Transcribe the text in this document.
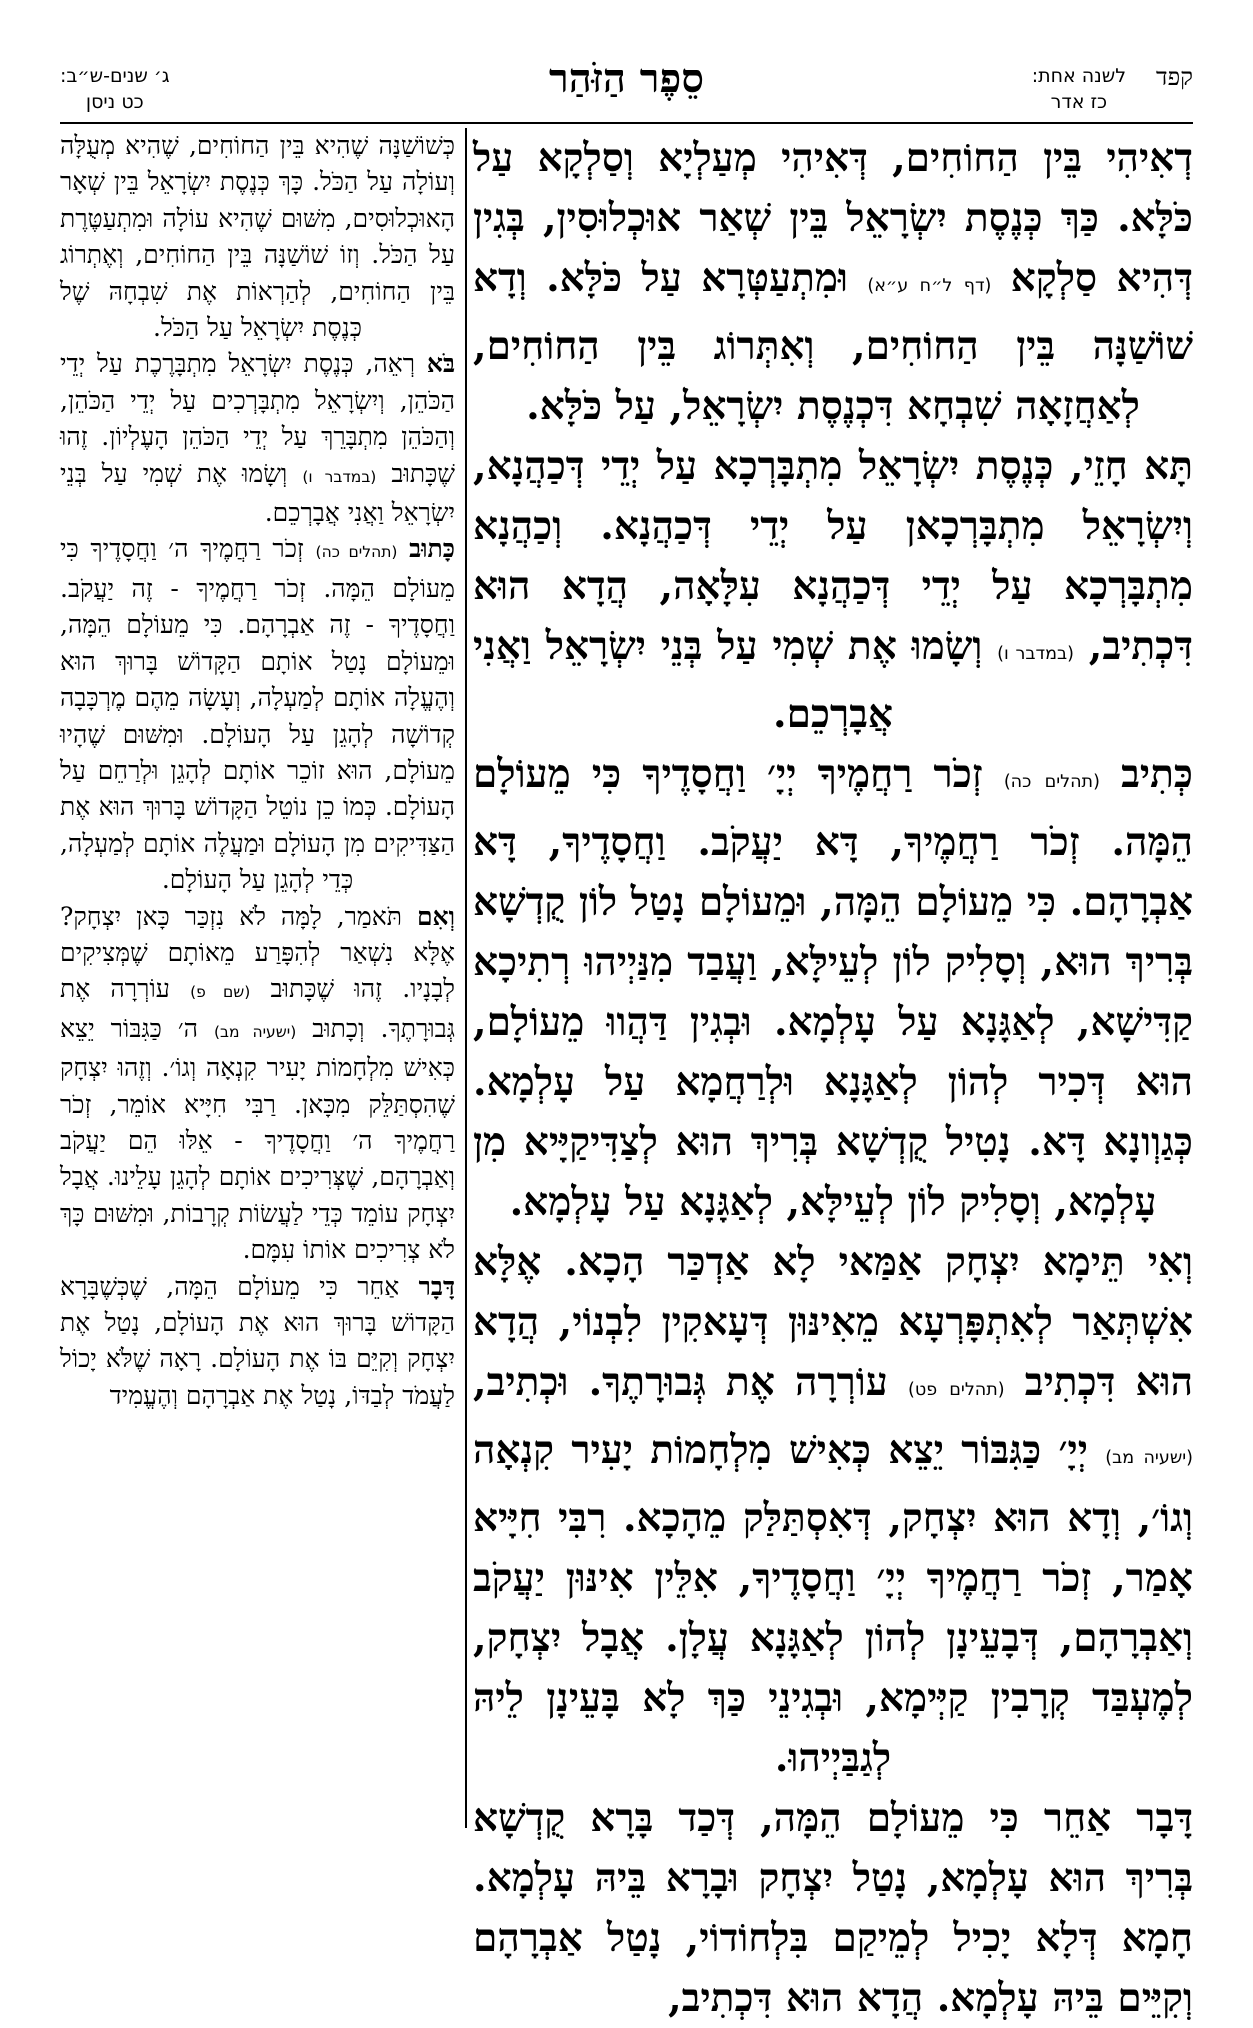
קפד
לשנה אחת:
כז אדר
סֵפֶר הַזֹּהַר
ג׳ שנים-ש״ב:
כט ניסן

דְאִיהִי בֵּין הַחוֹחִים, דְּאִיהִי מְעַלְיָא וְסַלְקָא עַל כֹּלָּא. כַּךְ כְּנֶסֶת יִשְׂרָאֵל בֵּין שְׁאַר אוּכְלוּסִין, בְּגִין דְּהִיא סַלְקָא (דף ל״ח ע״א) וּמִתְעַטְּרָא עַל כֹּלָּא. וְדָא שׁוֹשַׁנָּה בֵּין הַחוֹחִים, וְאִתְּרוֹג בֵּין הַחוֹחִים, לְאַחֲזָאָה שִׁבְחָא דִּכְנֶסֶת יִשְׂרָאֵל, עַל כֹּלָּא.

תָּא חָזֵי, כְּנֶסֶת יִשְׂרָאֵל מִתְבָּרְכָא עַל יְדֵי דְּכַהֲנָא, וְיִשְׂרָאֵל מִתְבָּרְכָאן עַל יְדֵי דְּכַהֲנָא. וְכַהֲנָא מִתְבָּרְכָא עַל יְדֵי דְּכַהֲנָא עִלָּאָה, הֲדָא הוּא דִּכְתִיב, (במדבר ו) וְשָׂמוּ אֶת שְׁמִי עַל בְּנֵי יִשְׂרָאֵל וַאֲנִי אֲבָרְכֵם.

כְּתִיב (תהלים כה) זְכֹר רַחֲמֶיךָ יְיָ׳ וַחֲסָדֶיךָ כִּי מֵעוֹלָם הֵמָּה. זְכֹר רַחֲמֶיךָ, דָּא יַעֲקֹב. וַחֲסָדֶיךָ, דָּא אַבְרָהָם. כִּי מֵעוֹלָם הֵמָּה, וּמֵעוֹלָם נָטַל לוֹן קֻדְשָׁא בְּרִיךְ הוּא, וְסָלִיק לוֹן לְעֵילָּא, וַעֲבַד מִנַּיְיהוּ רְתִיכָא קַדִּישָׁא, לְאַגָּנָא עַל עָלְמָא. וּבְגִין דַּהֲווּ מֵעוֹלָם, הוּא דְּכִיר לְהוֹן לְאַגָּנָא וּלְרַחֲמָא עַל עָלְמָא. כְּגַוְונָא דָּא. נָטִיל קֻדְשָׁא בְּרִיךְ הוּא לְצַדִּיקַיָּיא מִן עָלְמָא, וְסָלִיק לוֹן לְעֵילָּא, לְאַגָּנָא עַל עָלְמָא.

וְאִי תֵּימָא יִצְחָק אַמַּאי לָא אַדְכַּר הָכָא. אֶלָּא אִשְׁתְּאַר לְאִתְפָּרְעָא מֵאִינּוּן דְּעָאקִין לִבְנוֹי, הֲדָא הוּא דִּכְתִיב (תהלים פט) עוֹרְרָה אֶת גְּבוּרָתֶךָ. וּכְתִיב, (ישעיה מב) יְיָ׳ כַּגִּבּוֹר יֵצֵא כְּאִישׁ מִלְחָמוֹת יָעִיר קִנְאָה וְגוֹ׳, וְדָא הוּא יִצְחָק, דְּאִסְתַּלַּק מֵהָכָא. רִבִּי חִיָּיא אָמַר, זְכֹר רַחֲמֶיךָ יְיָ׳ וַחֲסָדֶיךָ, אִלֵּין אִינּוּן יַעֲקֹב וְאַבְרָהָם, דְּבָעֵינָן לְהוֹן לְאַגָּנָא עֲלָן. אֲבָל יִצְחָק, לְמֶעְבַּד קְרָבִין קַיְּימָא, וּבְגִינֵי כַּךְ לָא בָּעֵינָן לֵיהּ לְגַבַּיְיהוּ.

דָּבָר אַחֵר כִּי מֵעוֹלָם הֵמָּה, דְּכַד בָּרָא קֻדְשָׁא בְּרִיךְ הוּא עָלְמָא, נָטַל יִצְחָק וּבָרָא בֵּיהּ עָלְמָא. חָמָא דְּלָא יָכִיל לְמֵיקַם בִּלְחוֹדוֹי, נָטַל אַבְרָהָם וְקִיֵּים בֵּיהּ עָלְמָא. הֲדָא הוּא דִּכְתִיב,

כְּשׁוֹשַׁנָּה שֶׁהִיא בֵּין הַחוֹחִים, שֶׁהִיא מְעֻלָּה וְעוֹלָה עַל הַכֹּל. כָּךְ כְּנֶסֶת יִשְׂרָאֵל בֵּין שְׁאָר הָאוּכְלוּסִים, מִשּׁוּם שֶׁהִיא עוֹלָה וּמִתְעַטֶּרֶת עַל הַכֹּל. וְזוֹ שׁוֹשַׁנָּה בֵּין הַחוֹחִים, וְאֶתְרוֹג בֵּין הַחוֹחִים, לְהַרְאוֹת אֶת שִׁבְחָהּ שֶׁל כְּנֶסֶת יִשְׂרָאֵל עַל הַכֹּל.

בֹּא רְאֵה, כְּנֶסֶת יִשְׂרָאֵל מִתְבָּרֶכֶת עַל יְדֵי הַכֹּהֵן, וְיִשְׂרָאֵל מִתְבָּרְכִים עַל יְדֵי הַכֹּהֵן, וְהַכֹּהֵן מִתְבָּרֵךְ עַל יְדֵי הַכֹּהֵן הָעֶלְיוֹן. זֶהוּ שֶׁכָּתוּב (במדבר ו) וְשָׂמוּ אֶת שְׁמִי עַל בְּנֵי יִשְׂרָאֵל וַאֲנִי אֲבָרְכֵם.

כָּתוּב (תהלים כה) זְכֹר רַחֲמֶיךָ ה׳ וַחֲסָדֶיךָ כִּי מֵעוֹלָם הֵמָּה. זְכֹר רַחֲמֶיךָ - זֶה יַעֲקֹב. וַחֲסָדֶיךָ - זֶה אַבְרָהָם. כִּי מֵעוֹלָם הֵמָּה, וּמֵעוֹלָם נָטַל אוֹתָם הַקָּדוֹשׁ בָּרוּךְ הוּא וְהֶעֱלָה אוֹתָם לְמַעְלָה, וְעָשָׂה מֵהֶם מֶרְכָּבָה קְדוֹשָׁה לְהָגֵן עַל הָעוֹלָם. וּמִשּׁוּם שֶׁהָיוּ מֵעוֹלָם, הוּא זוֹכֵר אוֹתָם לְהָגֵן וּלְרַחֵם עַל הָעוֹלָם. כְּמוֹ כֵן נוֹטֵל הַקָּדוֹשׁ בָּרוּךְ הוּא אֶת הַצַּדִּיקִים מִן הָעוֹלָם וּמַעֲלֶה אוֹתָם לְמַעְלָה, כְּדֵי לְהָגֵן עַל הָעוֹלָם.

וְאִם תֹּאמַר, לָמָּה לֹא נִזְכַּר כָּאן יִצְחָק? אֶלָּא נִשְׁאַר לְהִפָּרַע מֵאוֹתָם שֶׁמְּצִיקִים לְבָנָיו. זֶהוּ שֶׁכָּתוּב (שם פ) עוֹרְרָה אֶת גְּבוּרָתֶךָ. וְכָתוּב (ישעיה מב) ה׳ כַּגִּבּוֹר יֵצֵא כְּאִישׁ מִלְחָמוֹת יָעִיר קִנְאָה וְגוֹ׳. וְזֶהוּ יִצְחָק שֶׁהִסְתַּלֵּק מִכָּאן. רַבִּי חִיָּיא אוֹמֵר, זְכֹר רַחֲמֶיךָ ה׳ וַחֲסָדֶיךָ - אֵלּוּ הֵם יַעֲקֹב וְאַבְרָהָם, שֶׁצְּרִיכִים אוֹתָם לְהָגֵן עָלֵינוּ. אֲבָל יִצְחָק עוֹמֵד כְּדֵי לַעֲשׂוֹת קְרָבוֹת, וּמִשּׁוּם כָּךְ לֹא צְרִיכִים אוֹתוֹ עִמָּם.

דָּבָר אַחֵר כִּי מֵעוֹלָם הֵמָּה, שֶׁכְּשֶׁבָּרָא הַקָּדוֹשׁ בָּרוּךְ הוּא אֶת הָעוֹלָם, נָטַל אֶת יִצְחָק וְקִיֵּם בּוֹ אֶת הָעוֹלָם. רָאָה שֶׁלֹּא יָכוֹל לַעֲמֹד לְבַדּוֹ, נָטַל אֶת אַבְרָהָם וְהֶעֱמִיד
